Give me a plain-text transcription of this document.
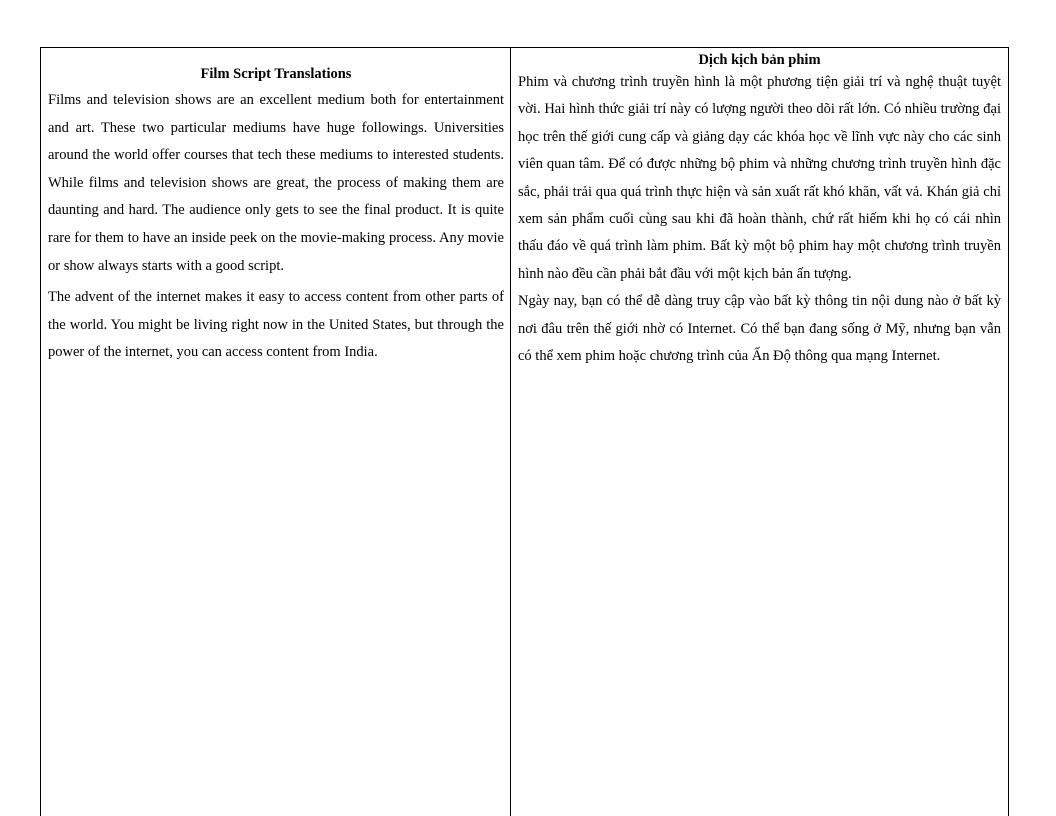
Film Script Translations

Films and television shows are an excellent medium both for entertainment and art. These two particular mediums have huge followings. Universities around the world offer courses that tech these mediums to interested students. While films and television shows are great, the process of making them are daunting and hard. The audience only gets to see the final product. It is quite rare for them to have an inside peek on the movie-making process. Any movie or show always starts with a good script.

The advent of the internet makes it easy to access content from other parts of the world. You might be living right now in the United States, but through the power of the internet, you can access content from India.

Dịch kịch bản phim

Phim và chương trình truyền hình là một phương tiện giải trí và nghệ thuật tuyệt vời. Hai hình thức giải trí này có lượng người theo dõi rất lớn. Có nhiều trường đại học trên thế giới cung cấp và giảng dạy các khóa học về lĩnh vực này cho các sinh viên quan tâm. Để có được những bộ phim và những chương trình truyền hình đặc sắc, phải trải qua quá trình thực hiện và sản xuất rất khó khăn, vất vả. Khán giả chỉ xem sản phẩm cuối cùng sau khi đã hoàn thành, chứ rất hiếm khi họ có cái nhìn thấu đáo về quá trình làm phim. Bất kỳ một bộ phim hay một chương trình truyền hình nào đều cần phải bắt đầu với một kịch bản ấn tượng.

Ngày nay, bạn có thể dễ dàng truy cập vào bất kỳ thông tin nội dung nào ở bất kỳ nơi đâu trên thế giới nhờ có Internet. Có thể bạn đang sống ở Mỹ, nhưng bạn vẫn có thể xem phim hoặc chương trình của Ấn Độ thông qua mạng Internet.
